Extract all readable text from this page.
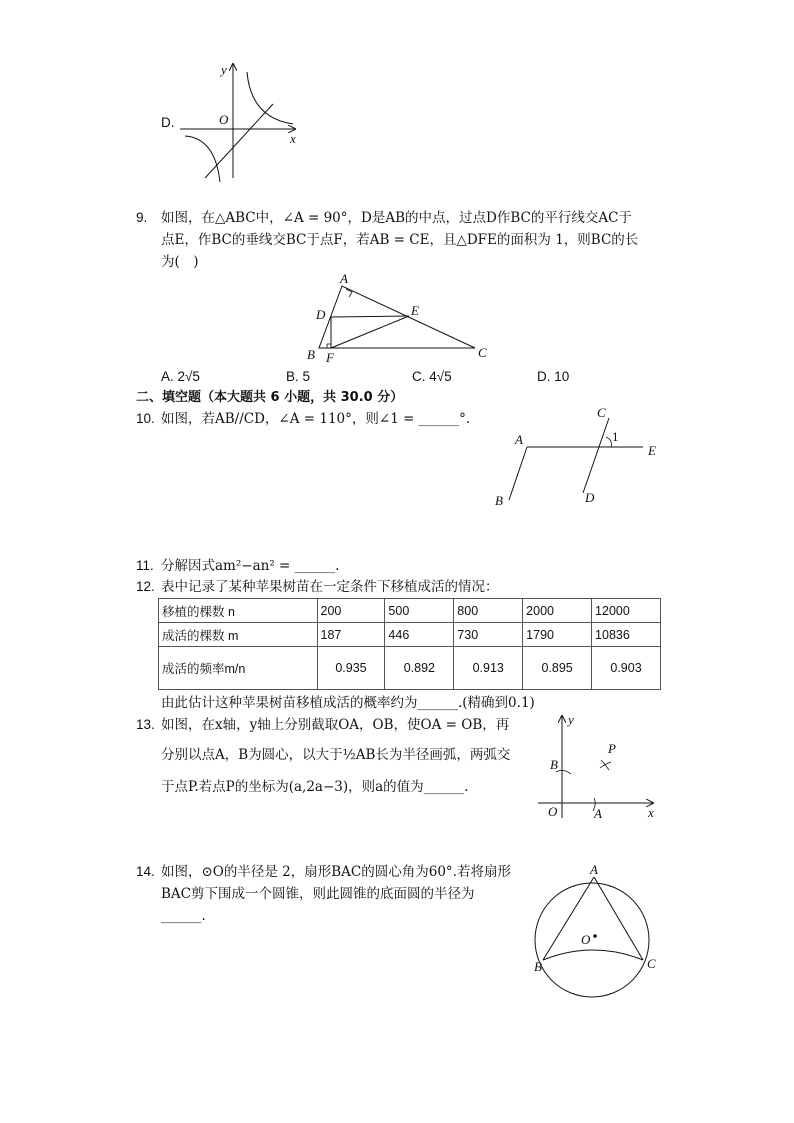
D.
y
O
x
9. 如图，在△ABC中，∠A = 90°，D是AB的中点，过点D作BC的平行线交AC于
点E，作BC的垂线交BC于点F，若AB = CE，且△DFE的面积为 1，则BC的长
为(　)
A
D	E
B F	C
A. 2√5	B. 5	C. 4√5	D. 10
二、填空题（本大题共 6 小题，共 30.0 分）
10. 如图，若AB//CD，∠A = 110°，则∠1 = ______°.	C
A	1
E
B	D
11. 分解因式am²−an² = ______.
12. 表中记录了某种苹果树苗在一定条件下移植成活的情况：
移植的棵数 n	200	500	800	2000	12000
成活的棵数 m	187	446	730	1790	10836
成活的频率m/n	0.935	0.892	0.913	0.895	0.903
由此估计这种苹果树苗移植成活的概率约为______.(精确到0.1)
13. 如图，在x轴，y轴上分别截取OA，OB，使OA = OB，再
分别以点A，B为圆心，以大于½AB长为半径画弧，两弧交
于点P.若点P的坐标为(a,2a−3)，则a的值为______.
y
P
B
O	A	x
14. 如图，⊙O的半径是 2，扇形BAC的圆心角为60°.若将扇形
BAC剪下围成一个圆锥，则此圆锥的底面圆的半径为
______.
A
O
B	C
